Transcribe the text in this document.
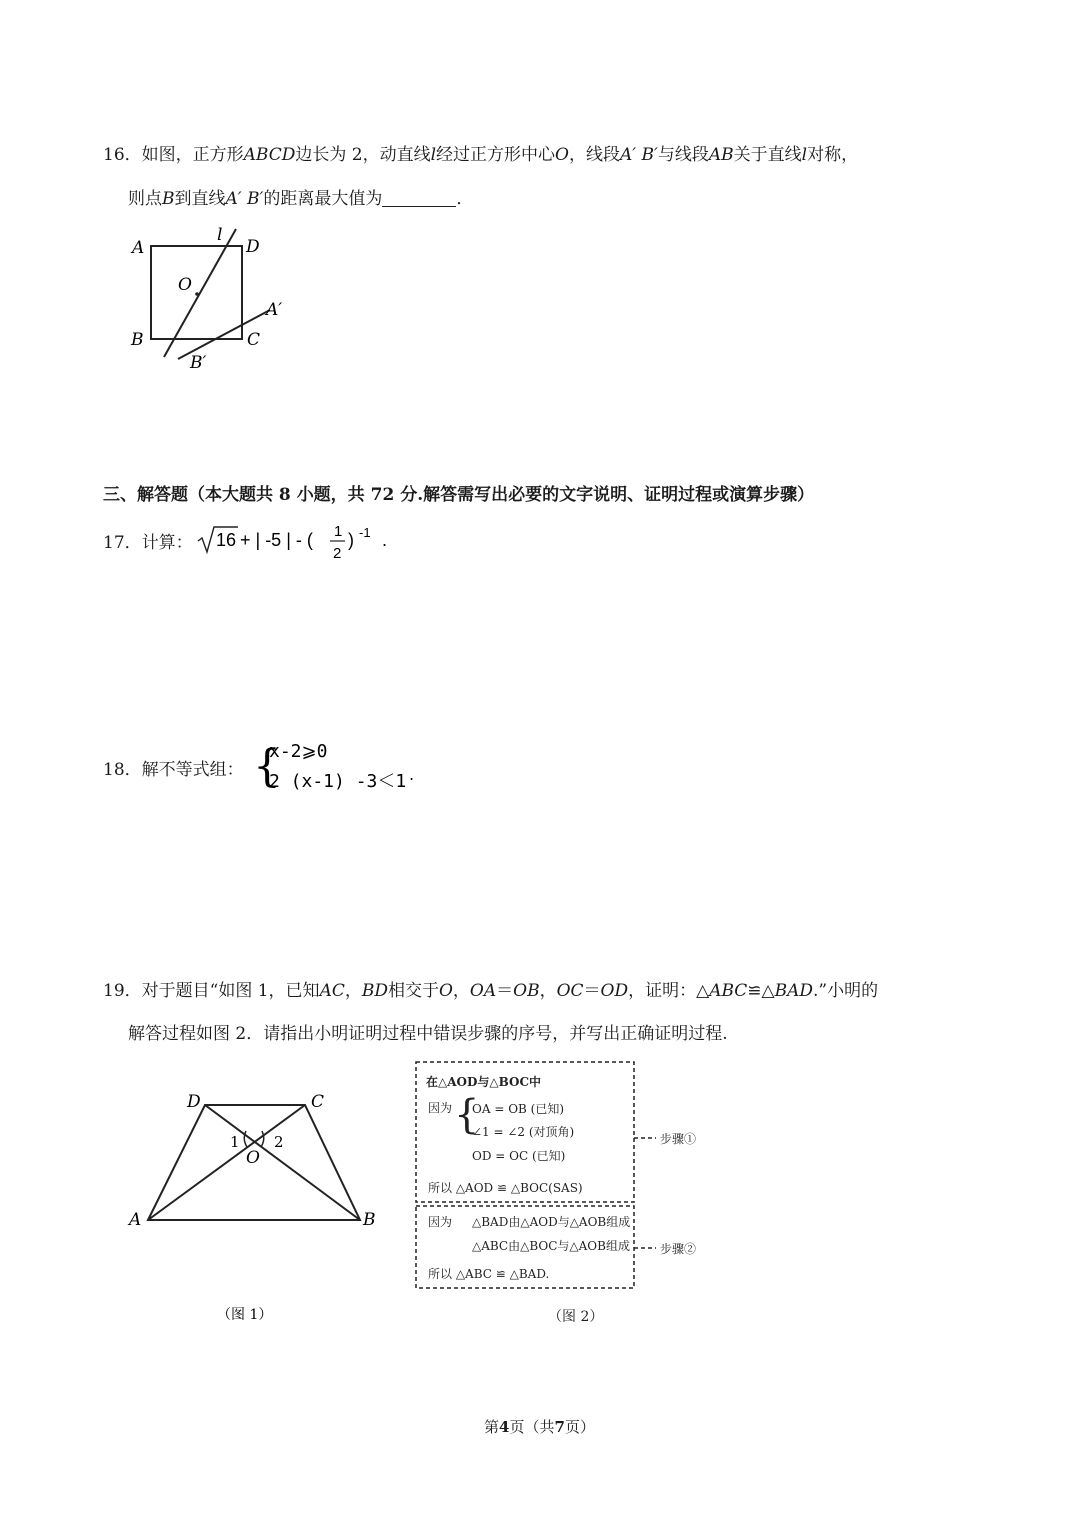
16．如图，正方形ABCD边长为 2，动直线l经过正方形中心O，线段A′ B′与线段AB关于直线l对称，
则点B到直线A′ B′的距离最大值为	．
A	D
l
O
B	C
A′
B′
三、解答题（本大题共 8 小题，共 72 分.解答需写出必要的文字说明、证明过程或演算步骤）
17．计算： 16 + | -5 | - ( 1
2
) -1 .
18．解不等式组： {
x-2⩾0
2 (x-1) -3＜1 .
19．对于题目“如图 1，已知AC，BD相交于O，OA＝OB，OC＝OD，证明：△ABC≌△BAD.”小明的
解答过程如图 2．请指出小明证明过程中错误步骤的序号，并写出正确证明过程.
D	C
A	B
O
1 2
（图 1）
在△AOD与△BOC中
因为 {
OA = OB (已知)
∠1 = ∠2 (对顶角)
OD = OC (已知)
所以 △AOD ≌ △BOC(SAS)
因为 △BAD由△AOD与△AOB组成
△ABC由△BOC与△AOB组成
所以 △ABC ≌ △BAD.
步骤①
步骤②
（图 2）
第4页（共7页）
